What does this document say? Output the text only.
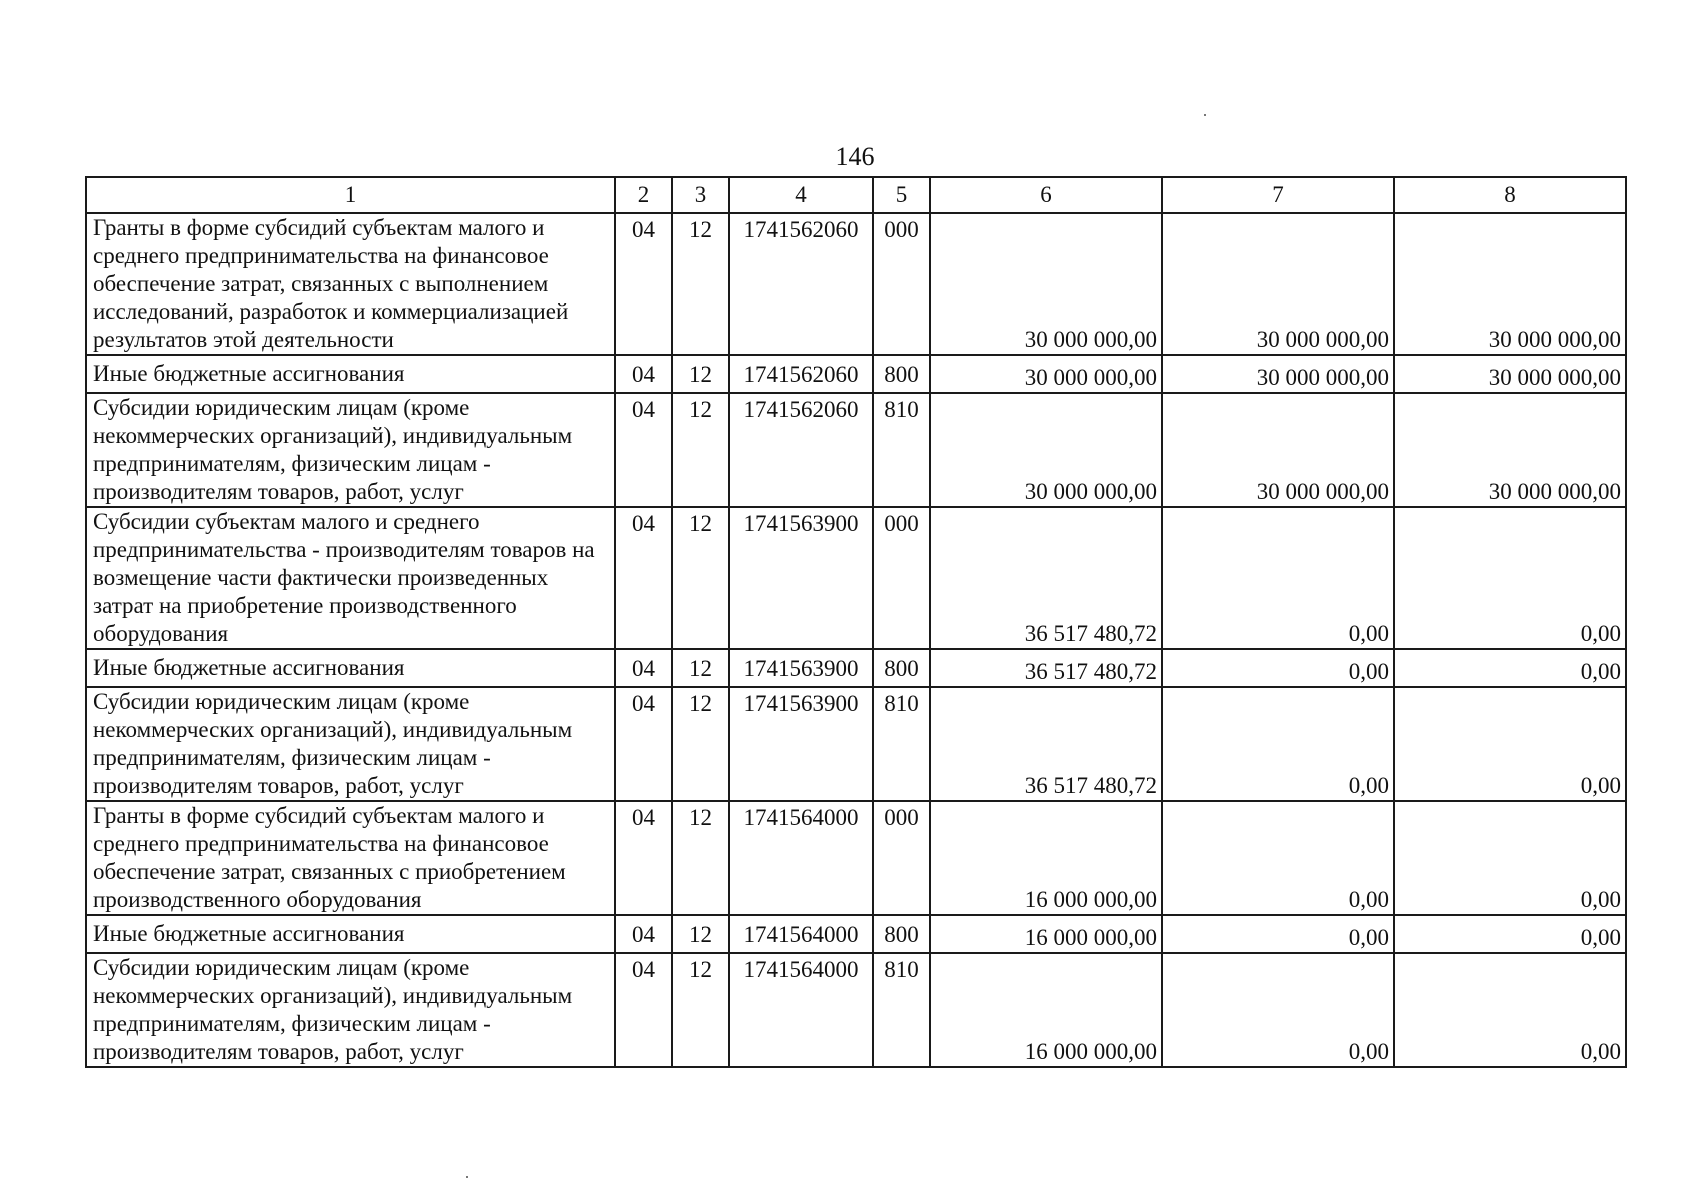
146
1	2	3	4	5	6	7	8
Гранты в форме субсидий субъектам малого и среднего предпринимательства на финансовое обеспечение затрат, связанных с выполнением исследований, разработок и коммерциализацией результатов этой деятельности	04	12	1741562060	000	30 000 000,00	30 000 000,00	30 000 000,00
Иные бюджетные ассигнования	04	12	1741562060	800	30 000 000,00	30 000 000,00	30 000 000,00
Субсидии юридическим лицам (кроме некоммерческих организаций), индивидуальным предпринимателям, физическим лицам - производителям товаров, работ, услуг	04	12	1741562060	810	30 000 000,00	30 000 000,00	30 000 000,00
Субсидии субъектам малого и среднего предпринимательства - производителям товаров на возмещение части фактически произведенных затрат на приобретение производственного оборудования	04	12	1741563900	000	36 517 480,72	0,00	0,00
Иные бюджетные ассигнования	04	12	1741563900	800	36 517 480,72	0,00	0,00
Субсидии юридическим лицам (кроме некоммерческих организаций), индивидуальным предпринимателям, физическим лицам - производителям товаров, работ, услуг	04	12	1741563900	810	36 517 480,72	0,00	0,00
Гранты в форме субсидий субъектам малого и среднего предпринимательства на финансовое обеспечение затрат, связанных с приобретением производственного оборудования	04	12	1741564000	000	16 000 000,00	0,00	0,00
Иные бюджетные ассигнования	04	12	1741564000	800	16 000 000,00	0,00	0,00
Субсидии юридическим лицам (кроме некоммерческих организаций), индивидуальным предпринимателям, физическим лицам - производителям товаров, работ, услуг	04	12	1741564000	810	16 000 000,00	0,00	0,00
